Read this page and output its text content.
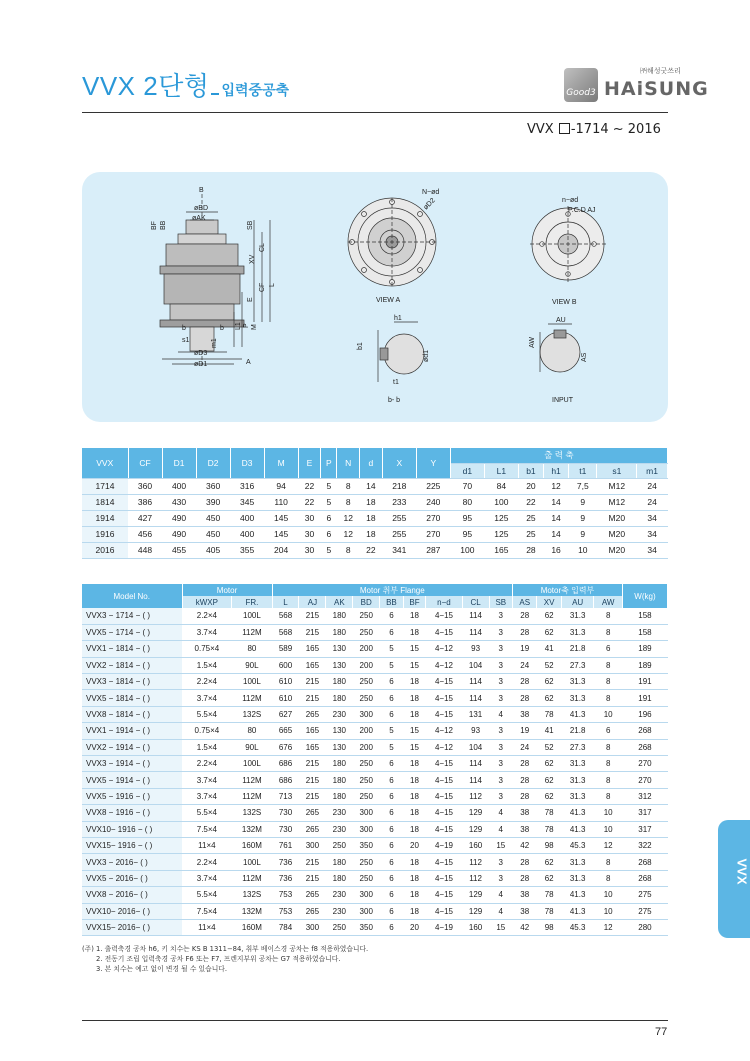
VVX 2단형 입력중공축	Good3
㈜해성굿쓰리
HAiSUNG
VVX -1714 ~ 2016
B
øBD
øAK
BF BB	SB
XV
CL
CF L
E
L1 P M
s1	m1
øD3
øD1	A
b	b
N−ød
øD2
VIEW A
h1
b1
ød1
t1
b- b
n−ød
P.C.D AJ
VIEW B
AU
AW
AS
INPUT
VVX	CF	D1	D2	D3	M	E	P	N	d	X	Y	출 력 축						
												d1	L1	b1	h1	t1	s1	m1
1714	360	400	360	316	94	22	5	8	14	218	225	70	84	20	12	7,5	M12	24
1814	386	430	390	345	110	22	5	8	18	233	240	80	100	22	14	9	M12	24
1914	427	490	450	400	145	30	6	12	18	255	270	95	125	25	14	9	M20	34
1916	456	490	450	400	145	30	6	12	18	255	270	95	125	25	14	9	M20	34
2016	448	455	405	355	204	30	5	8	22	341	287	100	165	28	16	10	M20	34
Model No.	Motor		Motor 취부 Flange									Motor축 입력부				W(kg)
	kWXP	FR.	L	AJ	AK	BD	BB	BF	n−d	CL	SB	AS	XV	AU	AW	
VVX3 − 1714 − ( )	2.2×4	100L	568	215	180	250	6	18	4−15	114	3	28	62	31.3	8	158
VVX5 − 1714 − ( )	3.7×4	112M	568	215	180	250	6	18	4−15	114	3	28	62	31.3	8	158
VVX1 − 1814 − ( )	0.75×4	80	589	165	130	200	5	15	4−12	93	3	19	41	21.8	6	189
VVX2 − 1814 − ( )	1.5×4	90L	600	165	130	200	5	15	4−12	104	3	24	52	27.3	8	189
VVX3 − 1814 − ( )	2.2×4	100L	610	215	180	250	6	18	4−15	114	3	28	62	31.3	8	191
VVX5 − 1814 − ( )	3.7×4	112M	610	215	180	250	6	18	4−15	114	3	28	62	31.3	8	191
VVX8 − 1814 − ( )	5.5×4	132S	627	265	230	300	6	18	4−15	131	4	38	78	41.3	10	196
VVX1 − 1914 − ( )	0.75×4	80	665	165	130	200	5	15	4−12	93	3	19	41	21.8	6	268
VVX2 − 1914 − ( )	1.5×4	90L	676	165	130	200	5	15	4−12	104	3	24	52	27.3	8	268
VVX3 − 1914 − ( )	2.2×4	100L	686	215	180	250	6	18	4−15	114	3	28	62	31.3	8	270
VVX5 − 1914 − ( )	3.7×4	112M	686	215	180	250	6	18	4−15	114	3	28	62	31.3	8	270
VVX5 − 1916 − ( )	3.7×4	112M	713	215	180	250	6	18	4−15	112	3	28	62	31.3	8	312
VVX8 − 1916 − ( )	5.5×4	132S	730	265	230	300	6	18	4−15	129	4	38	78	41.3	10	317
VVX10− 1916 − ( )	7.5×4	132M	730	265	230	300	6	18	4−15	129	4	38	78	41.3	10	317
VVX15− 1916 − ( )	11×4	160M	761	300	250	350	6	20	4−19	160	15	42	98	45.3	12	322
VVX3 − 2016− ( )	2.2×4	100L	736	215	180	250	6	18	4−15	112	3	28	62	31.3	8	268
VVX5 − 2016− ( )	3.7×4	112M	736	215	180	250	6	18	4−15	112	3	28	62	31.3	8	268
VVX8 − 2016− ( )	5.5×4	132S	753	265	230	300	6	18	4−15	129	4	38	78	41.3	10	275
VVX10− 2016− ( )	7.5×4	132M	753	265	230	300	6	18	4−15	129	4	38	78	41.3	10	275
VVX15− 2016− ( )	11×4	160M	784	300	250	350	6	20	4−19	160	15	42	98	45.3	12	280
(주) 1. 출력축경 공차 h6, 키 치수는 KS B 1311−84, 취부 베이스경 공차는 f8 적용하였습니다.
2. 전동기 조립 입력축경 공차 F6 또는 F7, 프렌지부위 공차는 G7 적용하였습니다.
3. 본 치수는 예고 없이 변경 될 수 있습니다.
VVX
77
